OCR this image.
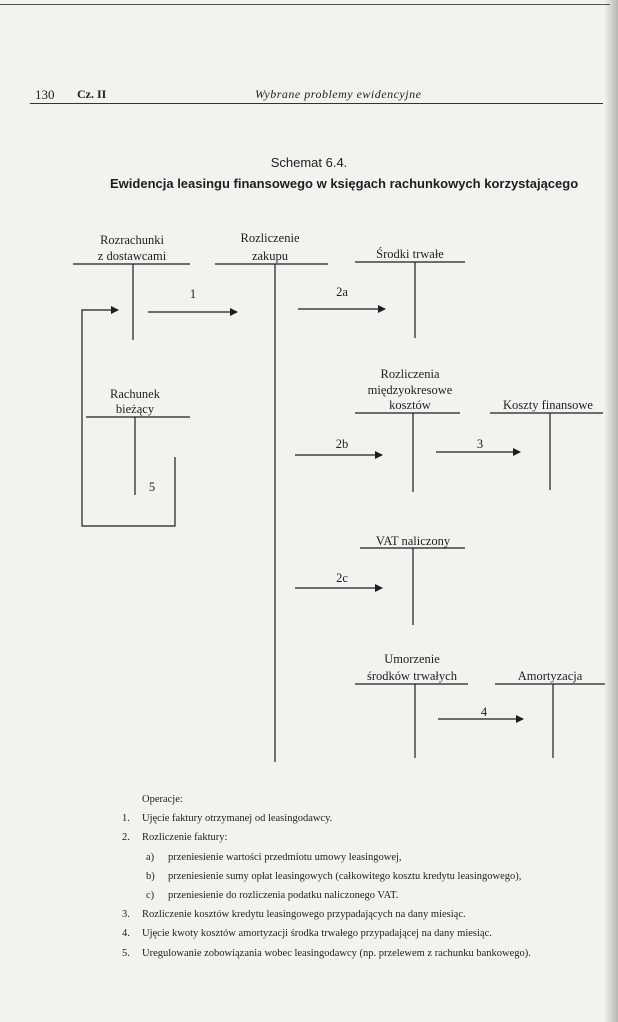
130 Cz. II	Wybrane problemy ewidencyjne
Schemat 6.4.
Ewidencja leasingu finansowego w księgach rachunkowych korzystającego
Rozrachunki
z dostawcami
Rozliczenie
zakupu	Środki trwałe
Rachunek
bieżący
Rozliczenia
międzyokresowe
kosztów	Koszty finansowe
VAT naliczony
Umorzenie
środków trwałych	Amortyzacja
1	2a
2b	3
2c
4
5
Operacje:
1. Ujęcie faktury otrzymanej od leasingodawcy.
2. Rozliczenie faktury:
a) przeniesienie wartości przedmiotu umowy leasingowej,
b) przeniesienie sumy opłat leasingowych (całkowitego kosztu kredytu leasingowego),
c) przeniesienie do rozliczenia podatku naliczonego VAT.
3. Rozliczenie kosztów kredytu leasingowego przypadających na dany miesiąc.
4. Ujęcie kwoty kosztów amortyzacji środka trwałego przypadającej na dany miesiąc.
5. Uregulowanie zobowiązania wobec leasingodawcy (np. przelewem z rachunku bankowego).
